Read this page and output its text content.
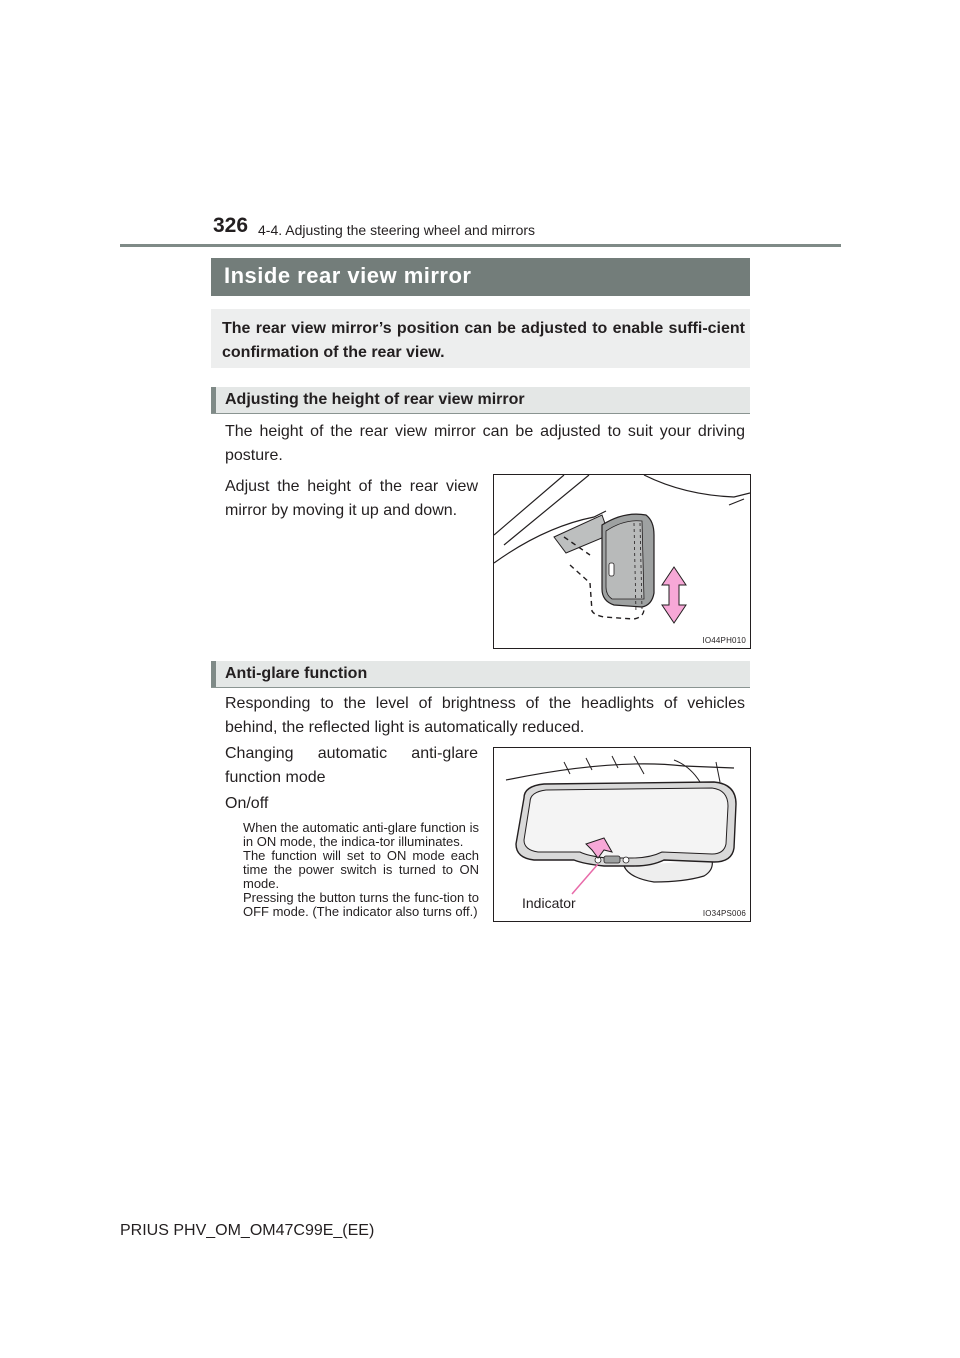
326 4-4. Adjusting the steering wheel and mirrors
Inside rear view mirror

The rear view mirror’s position can be adjusted to enable suffi-cient confirmation of the rear view.

Adjusting the height of rear view mirror

The height of the rear view mirror can be adjusted to suit your driving posture.

Adjust the height of the rear view mirror by moving it up and down.

IO44PH010
Anti-glare function

Responding to the level of brightness of the headlights of vehicles behind, the reflected light is automatically reduced.

Changing automatic anti-glare function mode

On/off

When the automatic anti-glare function is in ON mode, the indica-tor illuminates.

The function will set to ON mode each time the power switch is turned to ON mode.

Pressing the button turns the func-tion to OFF mode. (The indicator also turns off.)

Indicator
IO34PS006
PRIUS PHV_OM_OM47C99E_(EE)
